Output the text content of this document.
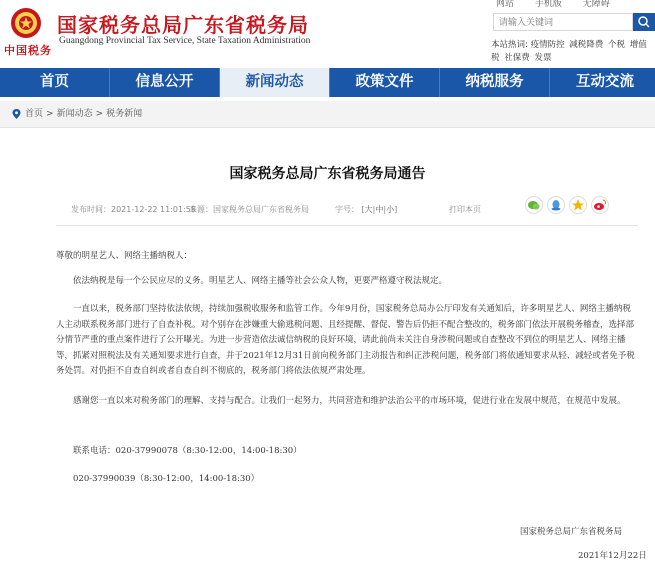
中国税务
国家税务总局广东省税务局
Guangdong Provincial Tax Service, State Taxation Administration
网站 手机版 无障碍
请输入关键词
本站热词: 疫情防控 减税降费 个税 增值税 社保费 发票
首页	信息公开	新闻动态	政策文件	纳税服务	互动交流
首页 > 新闻动态 > 税务新闻
国家税务总局广东省税务局通告
发布时间：2021-12-22 11:01:55
来源：国家税务总局广东省税务局	字号： [大|中|小]	打印本页
尊敬的明星艺人、网络主播纳税人：
依法纳税是每一个公民应尽的义务。明星艺人、网络主播等社会公众人物，更要严格遵守税法规定。
一直以来，税务部门坚持依法依规，持续加强税收服务和监管工作。今年9月份，国家税务总局办公厅印发有关通知后，许多明星艺人、网络主播纳税人主动联系税务部门进行了自查补税。对个别存在涉嫌重大偷逃税问题、且经提醒、督促、警告后仍拒不配合整改的，税务部门依法开展税务稽查，选择部分情节严重的重点案件进行了公开曝光。为进一步营造依法诚信纳税的良好环境，请此前尚未关注自身涉税问题或自查整改不到位的明星艺人、网络主播等，抓紧对照税法及有关通知要求进行自查，并于2021年12月31日前向税务部门主动报告和纠正涉税问题，税务部门将依通知要求从轻、减轻或者免予税务处罚。对仍拒不自查自纠或者自查自纠不彻底的，税务部门将依法依规严肃处理。
感谢您一直以来对税务部门的理解、支持与配合。让我们一起努力，共同营造和维护法治公平的市场环境，促进行业在发展中规范，在规范中发展。
联系电话：020-37990078（8:30-12:00，14:00-18:30）
020-37990039（8:30-12:00，14:00-18:30）
国家税务总局广东省税务局
2021年12月22日
